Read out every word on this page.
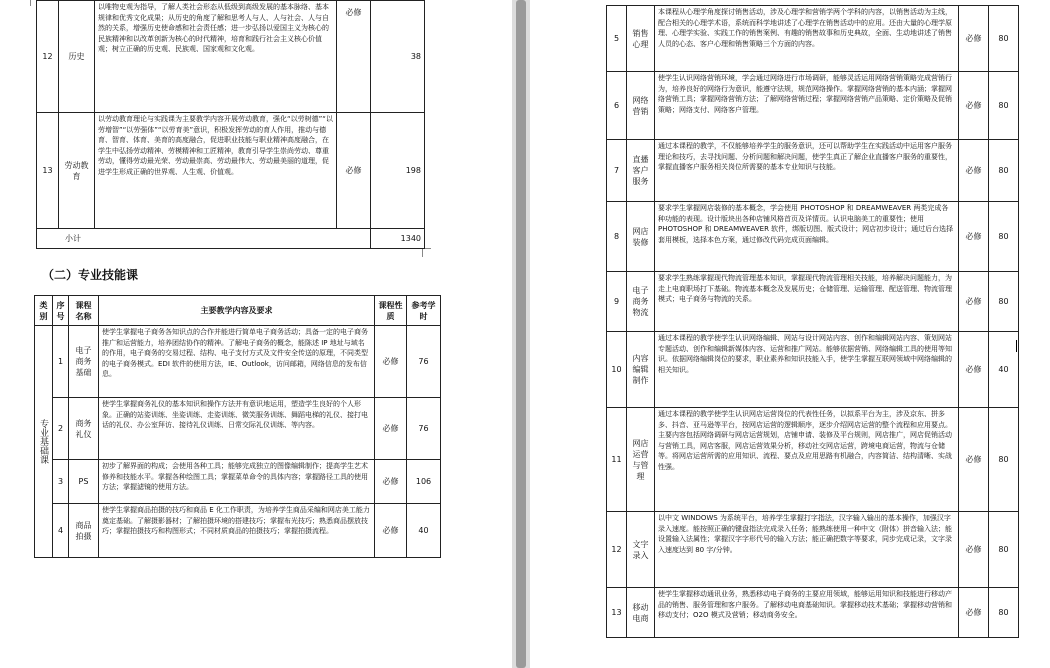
12	历史	以唯物史观为指导，了解人类社会形态从低级到高级发展的基本脉络、基本规律和优秀文化成果；从历史的角度了解和思考人与人、人与社会、人与自然的关系，增强历史使命感和社会责任感；进一步弘扬以爱国主义为核心的民族精神和以改革创新为核心的时代精神，培育和践行社会主义核心价值观；树立正确的历史观、民族观、国家观和文化观。	必修	38
13	劳动教育	以劳动教育理论与实践课为主要教学内容开展劳动教育，强化“以劳树德”“以劳增智”“以劳强体”“以劳育美”意识，积极发挥劳动的育人作用，推动与德育、智育、体育、美育的高度融合，促进职业技能与职业精神高度融合，在学生中弘扬劳动精神、劳模精神和工匠精神，教育引导学生崇尚劳动、尊重劳动，懂得劳动最光荣、劳动最崇高、劳动最伟大、劳动最美丽的道理，促进学生形成正确的世界观、人生观、价值观。	必修	198
小计				1340
（二）专业技能课
类别	序号	课程名称	主要教学内容及要求	课程性质	参考学时
专业基础课	1	电子商务基础	使学生掌握电子商务各知识点的合作并能进行简单电子商务活动；具备一定的电子商务推广和运营能力，培养团结协作的精神。了解电子商务的概念，能陈述 IP 地址与域名的作用，电子商务的交易过程、结构、电子支付方式及文件安全传送的原理，不同类型的电子商务模式。EDI 软件的使用方法，IE、Outlook，访问邮箱，网络信息的发布信息。	必修	76
	2	商务礼仪	使学生掌握商务礼仪的基本知识和操作方法并有意识地运用，塑造学生良好的个人形象。正确的站姿训练、坐姿训练、走姿训练、微笑服务训练、舞蹈电梯的礼仪、接打电话的礼仪、办公室拜访、接待礼仪训练、日常交际礼仪训练、等内容。	必修	76
	3	PS	初步了解界面的构成；会使用各种工具；能够完成独立的图像编辑制作；提高学生艺术修养和技能水平。掌握各种绘图工具；掌握菜单命令的具体内容；掌握路径工具的使用方法；掌握滤镜的使用方法。	必修	106
	4	商品拍摄	使学生掌握商品拍摄的技巧和商品 E 化工作职责，为培养学生商品采编和网店美工能力奠定基础。了解摄影器材；了解拍摄环境的搭建技巧；掌握布光技巧；熟悉商品摆放技巧；掌握拍摄技巧和构图形式；不同材质商品的拍摄技巧；掌握拍摄流程。	必修	40
5	销售心理	本课程从心理学角度探讨销售活动，涉及心理学和营销学两个学科的内容，以销售活动为主线，配合相关的心理学术语，系统而科学地讲述了心理学在销售活动中的应用。还由大量的心理学原理、心理学实验、实践工作的销售案例、有趣的销售故事和历史典故，全面、生动地讲述了销售人员的心态、客户心理和销售策略三个方面的内容。	必修	80
6	网络营销	使学生认识网络营销环境，学会通过网络进行市场调研，能够灵活运用网络营销策略完成营销行为，培养良好的网络行为意识，能遵守法规，规范网络操作。掌握网络营销的基本内涵；掌握网络营销工具；掌握网络营销方法；了解网络营销过程；掌握网络营销产品策略、定价策略及促销策略；网络支付、网络客户管理。	必修	80
7	直播客户服务	通过本课程的教学，不仅能够培养学生的服务意识，还可以帮助学生在实践活动中运用客户服务理论和技巧，去寻找问题、分析问题和解决问题，使学生真正了解企业直播客户服务的重要性，掌握直播客户服务相关岗位所需要的基本专业知识与技能。	必修	80
8	网店装修	要求学生掌握网店装修的基本概念，学会使用 PHOTOSHOP 和 DREAMWEAVER 两类完成各种功能的表现。设计版块出各种店铺风格首页及详情页。认识电脑美工的重要性；使用 PHOTOSHOP 和 DREAMWEAVER 软件，绑版切图、版式设计；网店初步设计；通过后台选择套用模板，选择本色方案，通过修改代码完成页面编辑。	必修	80
9	电子商务物流	要求学生熟练掌握现代物流管理基本知识，掌握现代物流管理相关技能，培养解决问题能力，为走上电商职场打下基础。物流基本概念及发展历史；仓储管理、运输管理、配送管理、物流管理模式；电子商务与物流的关系。	必修	80
10	内容编辑制作	通过本课程的教学使学生认识网络编辑、网站与设计网站内容、创作和编辑网站内容、策划网站专题活动、创作和编辑新媒体内容、运营和推广网站。能够依据营销、网络编辑工具的使用等知识。依据网络编辑岗位的要求，职业素养和知识技能入手，使学生掌握互联网领域中网络编辑的相关知识。	必修	40
11	网店运营与管理	通过本课程的教学使学生认识网店运营岗位的代表性任务，以拟系平台为主，涉及京东、拼多多、抖音、亚马逊等平台，按网店运营的逻辑顺序，逐步介绍网店运营的整个流程和应用要点。主要内容包括网络调研与网店运营规划，店铺申请、装修及平台规则，网店推广，网店促销活动与营销工具，网店客服，网店运营效果分析，移动社交网店运营，跨境电商运营，物流与仓储等。将网店运营所需的应用知识、流程、要点及应用思路有机融合，内容简洁、结构清晰、实战性强。	必修	80
12	文字录入	以中文 WINDOWS 为系统平台，培养学生掌握打字指法，汉字输入输出的基本操作，加强汉字录入速度。能按照正确的键盘指法完成录入任务；能熟练使用一种中文（附体）拼音输入法；能设置输入法属性；掌握汉字字形代号的输入方法；能正确把数字等要求，同步完成记录，文字录入速度达到 80 字/分钟。	必修	80
13	移动电商	使学生掌握移动通讯业务，熟悉移动电子商务的主要应用领域，能够运用知识和技能进行移动产品的销售、服务管理和客户服务。了解移动电商基础知识。掌握移动技术基础；掌握移动营销和移动支付；O2O 模式及营销；移动商务安全。	必修	80
